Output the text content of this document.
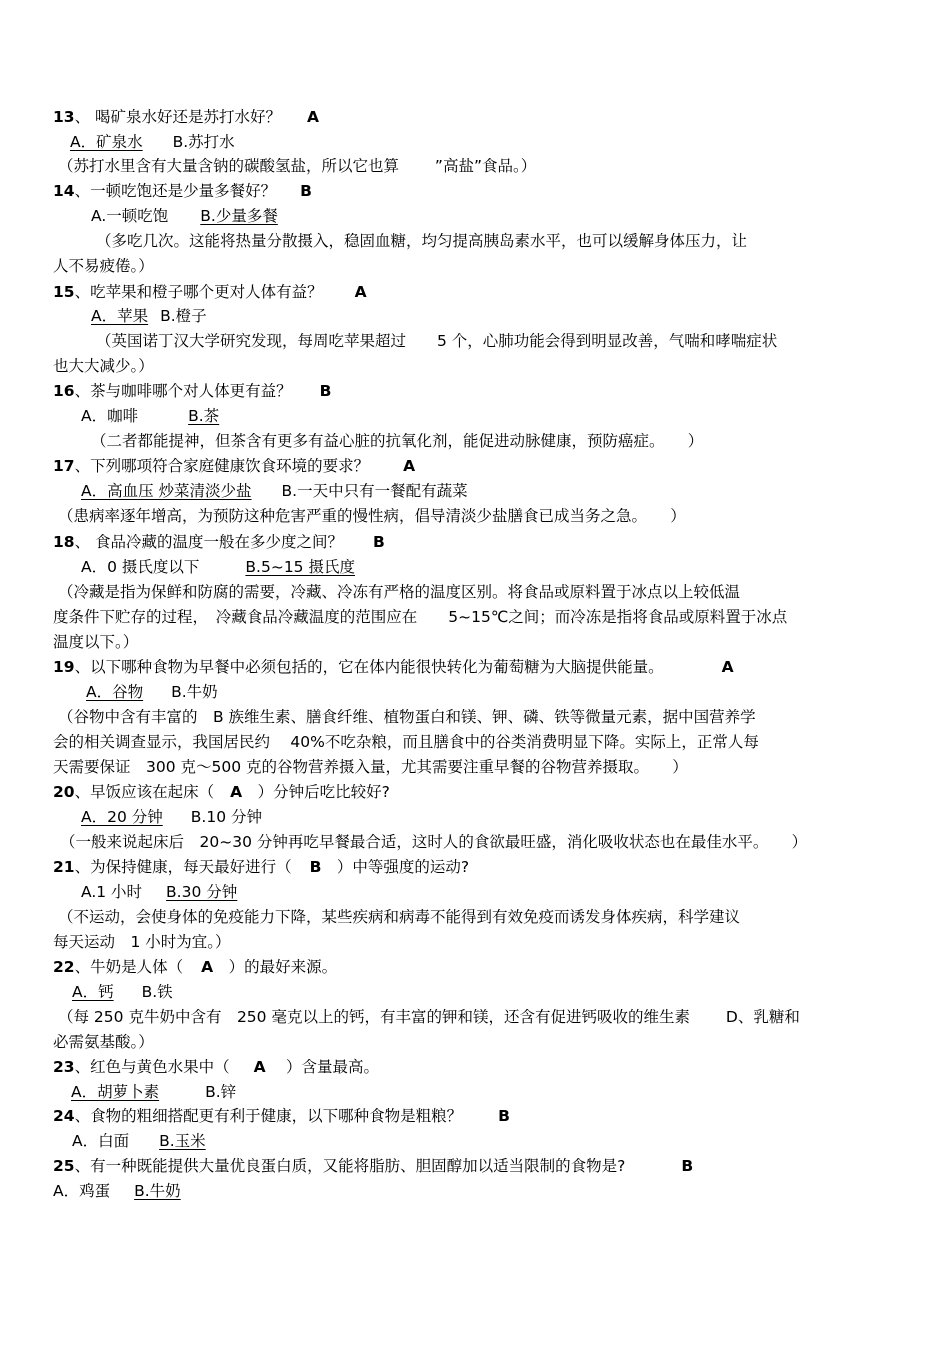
13、 喝矿泉水好还是苏打水好？ A
A．矿泉水 B.苏打水
（苏打水里含有大量含钠的碳酸氢盐，所以它也算　　 ”高盐”食品。）
14、一顿吃饱还是少量多餐好？ B
A.一顿吃饱 B.少量多餐
（多吃几次。这能将热量分散摄入，稳固血糖，均匀提高胰岛素水平，也可以缓解身体压力，让
人不易疲倦。）
15、吃苹果和橙子哪个更对人体有益？ A
A．苹果 B.橙子
（英国诺丁汉大学研究发现，每周吃苹果超过　　5 个，心肺功能会得到明显改善，气喘和哮喘症状
也大大减少。）
16、茶与咖啡哪个对人体更有益？ B
A．咖啡	B.茶
（二者都能提神，但茶含有更多有益心脏的抗氧化剂，能促进动脉健康，预防癌症。　　）
17、下列哪项符合家庭健康饮食环境的要求？ A
A．高血压 炒菜清淡少盐 B.一天中只有一餐配有蔬菜
（患病率逐年增高，为预防这种危害严重的慢性病，倡导清淡少盐膳食已成当务之急。　　）
18、 食品冷藏的温度一般在多少度之间？ B
A．0 摄氏度以下	B.5~15 摄氏度
（冷藏是指为保鲜和防腐的需要，冷藏、冷冻有严格的温度区别。将食品或原料置于冰点以上较低温
度条件下贮存的过程，　冷藏食品冷藏温度的范围应在　　5~15℃之间；而冷冻是指将食品或原料置于冰点
温度以下。）
19、以下哪种食物为早餐中必须包括的，它在体内能很快转化为葡萄糖为大脑提供能量。	A
A．谷物 B.牛奶
（谷物中含有丰富的　B 族维生素、膳食纤维、植物蛋白和镁、钾、磷、铁等微量元素，据中国营养学
会的相关调查显示，我国居民约　 40%不吃杂粮，而且膳食中的谷类消费明显下降。实际上，正常人每
天需要保证　300 克～500 克的谷物营养摄入量，尤其需要注重早餐的谷物营养摄取。　　）
20、早饭应该在起床（ A　）分钟后吃比较好?
A．20 分钟 B.10 分钟
（一般来说起床后　20~30 分钟再吃早餐最合适，这时人的食欲最旺盛，消化吸收状态也在最佳水平。　　）
21、为保持健康，每天最好进行（ B　）中等强度的运动?
A.1 小时 B.30 分钟
（不运动，会使身体的免疫能力下降，某些疾病和病毒不能得到有效免疫而诱发身体疾病，科学建议
每天运动　1 小时为宜。）
22、牛奶是人体（ A　）的最好来源。
A．钙 B.铁
（每 250 克牛奶中含有　250 毫克以上的钙，有丰富的钾和镁，还含有促进钙吸收的维生素　　 D、乳糖和
必需氨基酸。）
23、红色与黄色水果中（ A　 ）含量最高。
A．胡萝卜素	B.锌
24、食物的粗细搭配更有利于健康，以下哪种食物是粗粮？ B
A．白面 B.玉米
25、有一种既能提供大量优良蛋白质，又能将脂肪、胆固醇加以适当限制的食物是?	B
A．鸡蛋 B.牛奶
